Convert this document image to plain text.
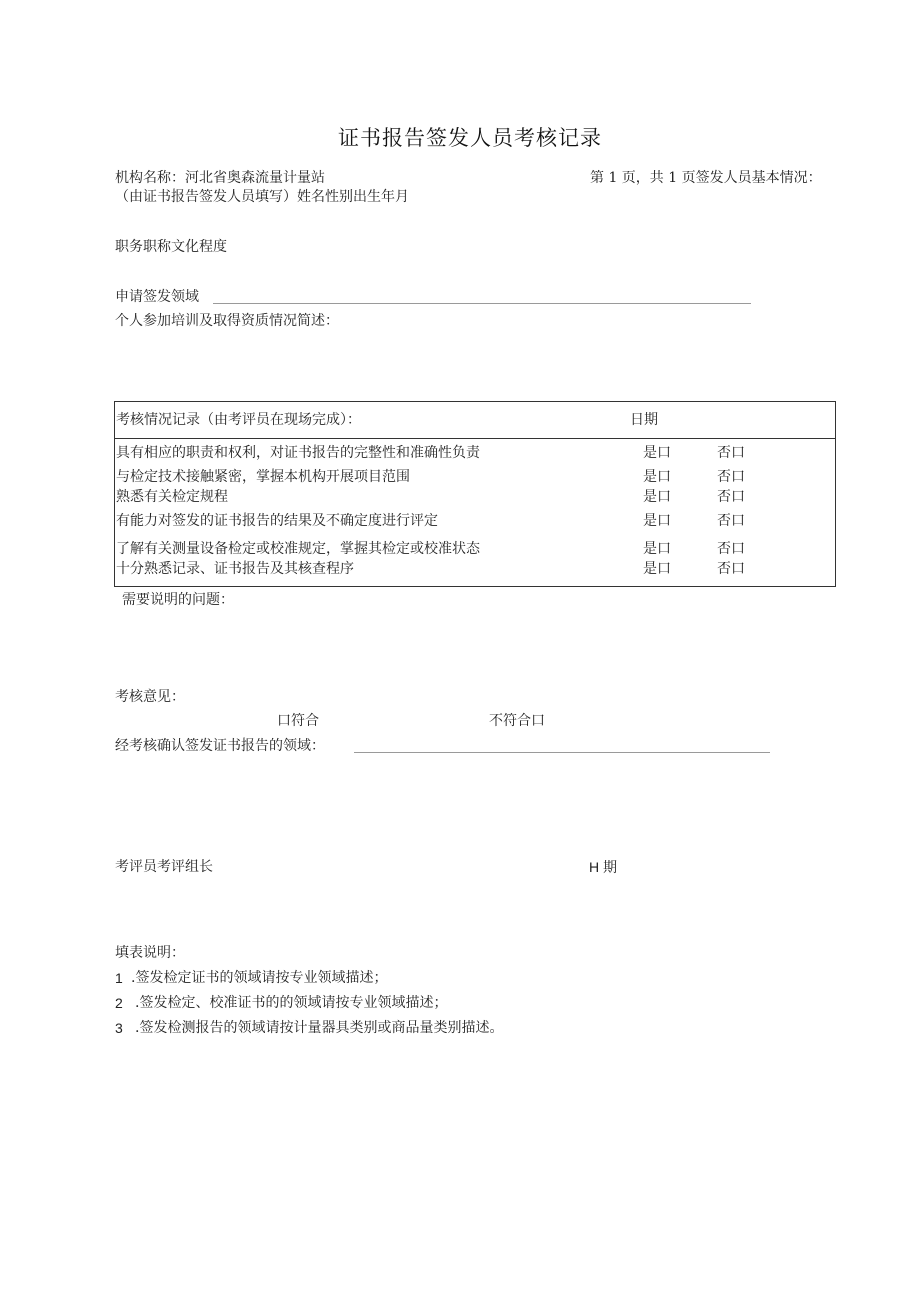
证书报告签发人员考核记录
机构名称：河北省奥森流量计量站	第 1 页，共 1 页签发人员基本情况：
（由证书报告签发人员填写）姓名性别出生年月
职务职称文化程度
申请签发领域
个人参加培训及取得资质情况简述：
考核情况记录（由考评员在现场完成）：	日期
具有相应的职责和权利，对证书报告的完整性和准确性负责	是口	否口
与检定技术接触紧密，掌握本机构开展项目范围	是口	否口
熟悉有关检定规程	是口	否口
有能力对签发的证书报告的结果及不确定度进行评定	是口	否口
了解有关测量设备检定或校准规定，掌握其检定或校准状态	是口	否口
十分熟悉记录、证书报告及其核查程序	是口	否口
需要说明的问题：
考核意见：
口符合	不符合口
经考核确认签发证书报告的领域：
考评员考评组长	H 期
填表说明：
1 .签发检定证书的领域请按专业领域描述；
2 .签发检定、校准证书的的领域请按专业领域描述；
3 .签发检测报告的领域请按计量器具类别或商品量类别描述。
